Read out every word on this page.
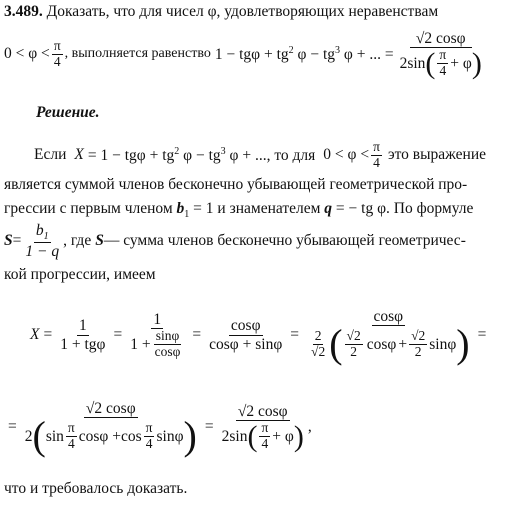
3.489. Доказать, что для чисел φ, удовлетворяющих неравенствам
$0 < \varphi < \frac{\pi}{4}$ , выполняется равенство $1 - tg\varphi + tg^2$ $\varphi - tg^3$ φ + ... =
√2 cosφ
2sin ( $\frac{\pi}{4} + \varphi$ )
Решение.
Если $X = 1 - tg\varphi + tg^2$ $\varphi - tg^3$ φ + ..., то для $0 < \varphi < \frac{\pi}{4}$ это выражение
является суммой членов бесконечно убывающей геометрической про-
грессии с первым членом $b_1 = 1$ и знаменателем q = − tg φ. По формуле
$S = \frac{b_1}{1 - q}$ , где S — сумма членов бесконечно убывающей геометричес-
кой прогрессии, имеем
$X = \frac{1}{\text{1 + tgφ}} = \frac{1}{1 + \frac{\sin\varphi}{\cos\varphi}} = \frac{\cos\varphi}{\cos\varphi + \sin\varphi}$ =
cosφ
$\frac{2}{√2}$ ( $\frac{√2}{2}$ $\cos\varphi + \frac{√2}{2}$ sinφ ) =
=
√2 cosφ
2 ( $\sin \frac{\pi}{4}$ $\cos\varphi + \cos \frac{\pi}{4}$ sinφ ) = $\frac{√2 \cos\varphi}{2\sin ( \frac{\pi}{4} + \varphi )}$ ,
что и требовалось доказать.
